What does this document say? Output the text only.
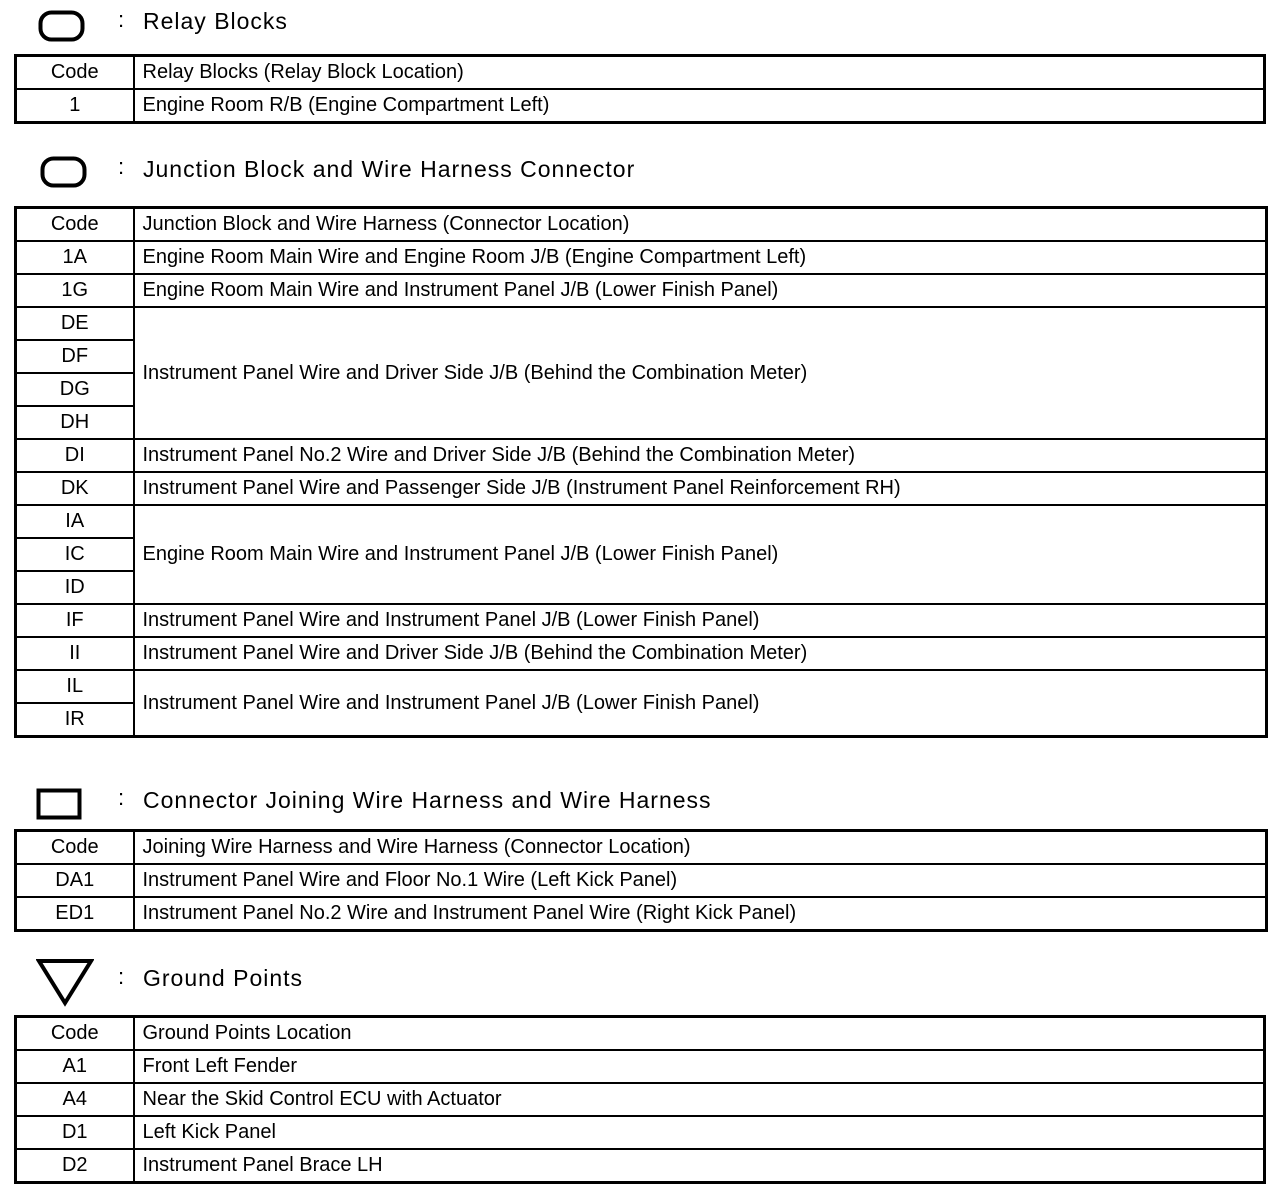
: Relay Blocks
Code	Relay Blocks (Relay Block Location)
1	Engine Room R/B (Engine Compartment Left)
: Junction Block and Wire Harness Connector
Code	Junction Block and Wire Harness (Connector Location)
1A	Engine Room Main Wire and Engine Room J/B (Engine Compartment Left)
1G	Engine Room Main Wire and Instrument Panel J/B (Lower Finish Panel)
DE	Instrument Panel Wire and Driver Side J/B (Behind the Combination Meter)
DF	
DG	
DH	
DI	Instrument Panel No.2 Wire and Driver Side J/B (Behind the Combination Meter)
DK	Instrument Panel Wire and Passenger Side J/B (Instrument Panel Reinforcement RH)
IA	Engine Room Main Wire and Instrument Panel J/B (Lower Finish Panel)
IC	
ID	
IF	Instrument Panel Wire and Instrument Panel J/B (Lower Finish Panel)
II	Instrument Panel Wire and Driver Side J/B (Behind the Combination Meter)
IL	Instrument Panel Wire and Instrument Panel J/B (Lower Finish Panel)
IR	
: Connector Joining Wire Harness and Wire Harness
Code	Joining Wire Harness and Wire Harness (Connector Location)
DA1	Instrument Panel Wire and Floor No.1 Wire (Left Kick Panel)
ED1	Instrument Panel No.2 Wire and Instrument Panel Wire (Right Kick Panel)
: Ground Points
Code	Ground Points Location
A1	Front Left Fender
A4	Near the Skid Control ECU with Actuator
D1	Left Kick Panel
D2	Instrument Panel Brace LH
